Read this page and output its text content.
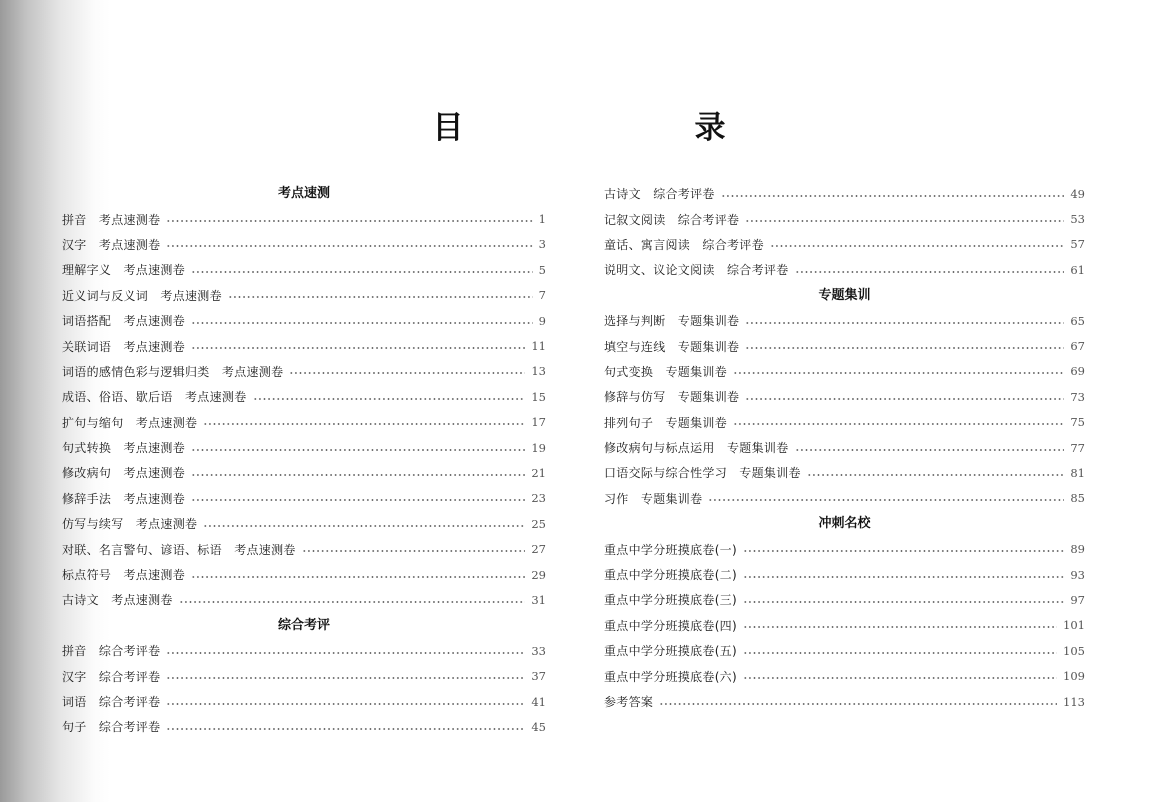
目　录
考点速测
拼音　考点速测卷	1
汉字　考点速测卷	3
理解字义　考点速测卷	5
近义词与反义词　考点速测卷	7
词语搭配　考点速测卷	9
关联词语　考点速测卷	11
词语的感情色彩与逻辑归类　考点速测卷	13
成语、俗语、歇后语　考点速测卷	15
扩句与缩句　考点速测卷	17
句式转换　考点速测卷	19
修改病句　考点速测卷	21
修辞手法　考点速测卷	23
仿写与续写　考点速测卷	25
对联、名言警句、谚语、标语　考点速测卷	27
标点符号　考点速测卷	29
古诗文　考点速测卷	31
综合考评
拼音　综合考评卷	33
汉字　综合考评卷	37
词语　综合考评卷	41
句子　综合考评卷	45
古诗文　综合考评卷	49
记叙文阅读　综合考评卷	53
童话、寓言阅读　综合考评卷	57
说明文、议论文阅读　综合考评卷	61
专题集训
选择与判断　专题集训卷	65
填空与连线　专题集训卷	67
句式变换　专题集训卷	69
修辞与仿写　专题集训卷	73
排列句子　专题集训卷	75
修改病句与标点运用　专题集训卷	77
口语交际与综合性学习　专题集训卷	81
习作　专题集训卷	85
冲刺名校
重点中学分班摸底卷(一)	89
重点中学分班摸底卷(二)	93
重点中学分班摸底卷(三)	97
重点中学分班摸底卷(四)	101
重点中学分班摸底卷(五)	105
重点中学分班摸底卷(六)	109
参考答案	113
